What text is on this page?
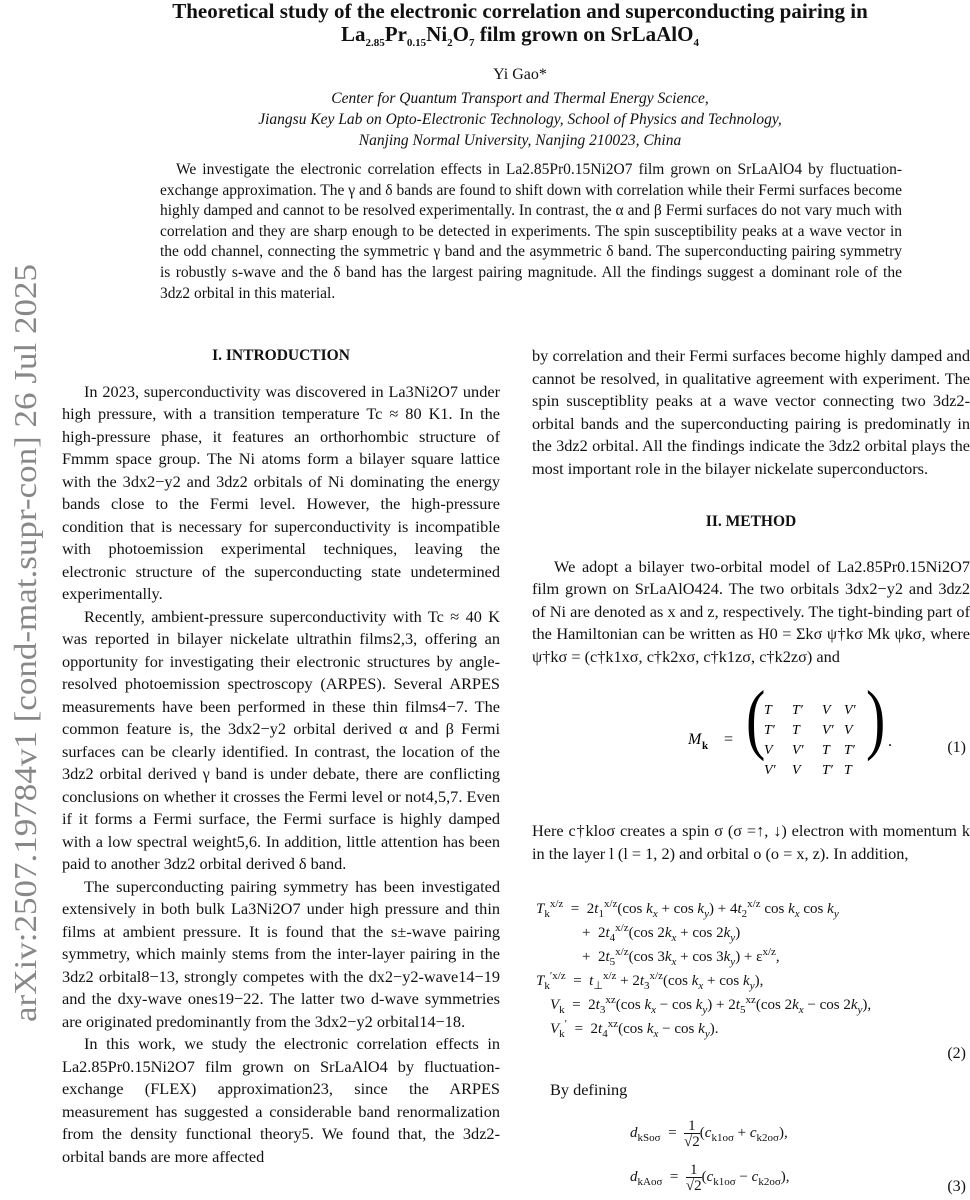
arXiv:2507.19784v1 [cond-mat.supr-con] 26 Jul 2025
Theoretical study of the electronic correlation and superconducting pairing in
$La_{2.85}Pr_{0.15}Ni_2O_7$ film grown on SrLaAlO$_4$
Yi Gao*
Center for Quantum Transport and Thermal Energy Science,
Jiangsu Key Lab on Opto-Electronic Technology, School of Physics and Technology,
Nanjing Normal University, Nanjing 210023, China
We investigate the electronic correlation effects in La2.85Pr0.15Ni2O7 film grown on SrLaAlO4 by fluctuation-exchange approximation. The γ and δ bands are found to shift down with correlation while their Fermi surfaces become highly damped and cannot to be resolved experimentally. In contrast, the α and β Fermi surfaces do not vary much with correlation and they are sharp enough to be detected in experiments. The spin susceptibility peaks at a wave vector in the odd channel, connecting the symmetric γ band and the asymmetric δ band. The superconducting pairing symmetry is robustly s-wave and the δ band has the largest pairing magnitude. All the findings suggest a dominant role of the 3dz2 orbital in this material.
I. INTRODUCTION

In 2023, superconductivity was discovered in La3Ni2O7 under high pressure, with a transition temperature Tc ≈ 80 K1. In the high-pressure phase, it features an orthorhombic structure of Fmmm space group. The Ni atoms form a bilayer square lattice with the 3dx2−y2 and 3dz2 orbitals of Ni dominating the energy bands close to the Fermi level. However, the high-pressure condition that is necessary for superconductivity is incompatible with photoemission experimental techniques, leaving the electronic structure of the superconducting state undetermined experimentally.

Recently, ambient-pressure superconductivity with Tc ≈ 40 K was reported in bilayer nickelate ultrathin films2,3, offering an opportunity for investigating their electronic structures by angle-resolved photoemission spectroscopy (ARPES). Several ARPES measurements have been performed in these thin films4−7. The common feature is, the 3dx2−y2 orbital derived α and β Fermi surfaces can be clearly identified. In contrast, the location of the 3dz2 orbital derived γ band is under debate, there are conflicting conclusions on whether it crosses the Fermi level or not4,5,7. Even if it forms a Fermi surface, the Fermi surface is highly damped with a low spectral weight5,6. In addition, little attention has been paid to another 3dz2 orbital derived δ band.

The superconducting pairing symmetry has been investigated extensively in both bulk La3Ni2O7 under high pressure and thin films at ambient pressure. It is found that the s±-wave pairing symmetry, which mainly stems from the inter-layer pairing in the 3dz2 orbital8−13, strongly competes with the dx2−y2-wave14−19 and the dxy-wave ones19−22. The latter two d-wave symmetries are originated predominantly from the 3dx2−y2 orbital14−18.

In this work, we study the electronic correlation effects in La2.85Pr0.15Ni2O7 film grown on SrLaAlO4 by fluctuation-exchange (FLEX) approximation23, since the ARPES measurement has suggested a considerable band renormalization from the density functional theory5. We found that, the 3dz2-orbital bands are more affected

by correlation and their Fermi surfaces become highly damped and cannot be resolved, in qualitative agreement with experiment. The spin susceptiblity peaks at a wave vector connecting two 3dz2-orbital bands and the superconducting pairing is predominatly in the 3dz2 orbital. All the findings indicate the 3dz2 orbital plays the most important role in the bilayer nickelate superconductors.

II. METHOD

We adopt a bilayer two-orbital model of La2.85Pr0.15Ni2O7 film grown on SrLaAlO424. The two orbitals 3dx2−y2 and 3dz2 of Ni are denoted as x and z, respectively. The tight-binding part of the Hamiltonian can be written as H0 = Σkσ ψ†kσ Mk ψkσ, where ψ†kσ = (c†k1xσ, c†k2xσ, c†k1zσ, c†k2zσ) and

M k = (
T T′ V V′
T′ T V′ V
V V′ T T′
V′ V T′ T
) .	(1)

Here c†kloσ creates a spin σ (σ =↑, ↓) electron with momentum k in the layer l (l = 1, 2) and orbital o (o = x, z). In addition,

$T_k^{x/z} = 2t_1^{x/z}(\cos$ $k_x + \cos k_y) + 4t_2^{x/z}$ $\cos k_x$ $\cos k_y$
+  $2t_4^{x/z}(\cos$ $2k_x + \cos 2k_y$)
+  $2t_5^{x/z}(\cos$ $3k_x + \cos 3k_y) + \varepsilon^{x/z}$,
$T_k^{'x/z} = t_\perp^{x/z} + 2t_3^{x/z}(\cos$ $k_x + \cos k_y$),
$V_k = 2t_3^{xz}(\cos$ $k_x - \cos k_y) + 2t_5^{xz}(\cos$ $2k_x - \cos 2k_y$),
$V_k' = 2t_4^{xz}(\cos$ $k_x - \cos k_y$).
(2)
By defining
$d_{kSo\sigma} = 1$
$√2(c_{k1o\sigma} + c_{k2o\sigma})$,
$d_{kAo\sigma} = 1$
$√2(c_{k1o\sigma} - c_{k2o\sigma})$,
(3)
